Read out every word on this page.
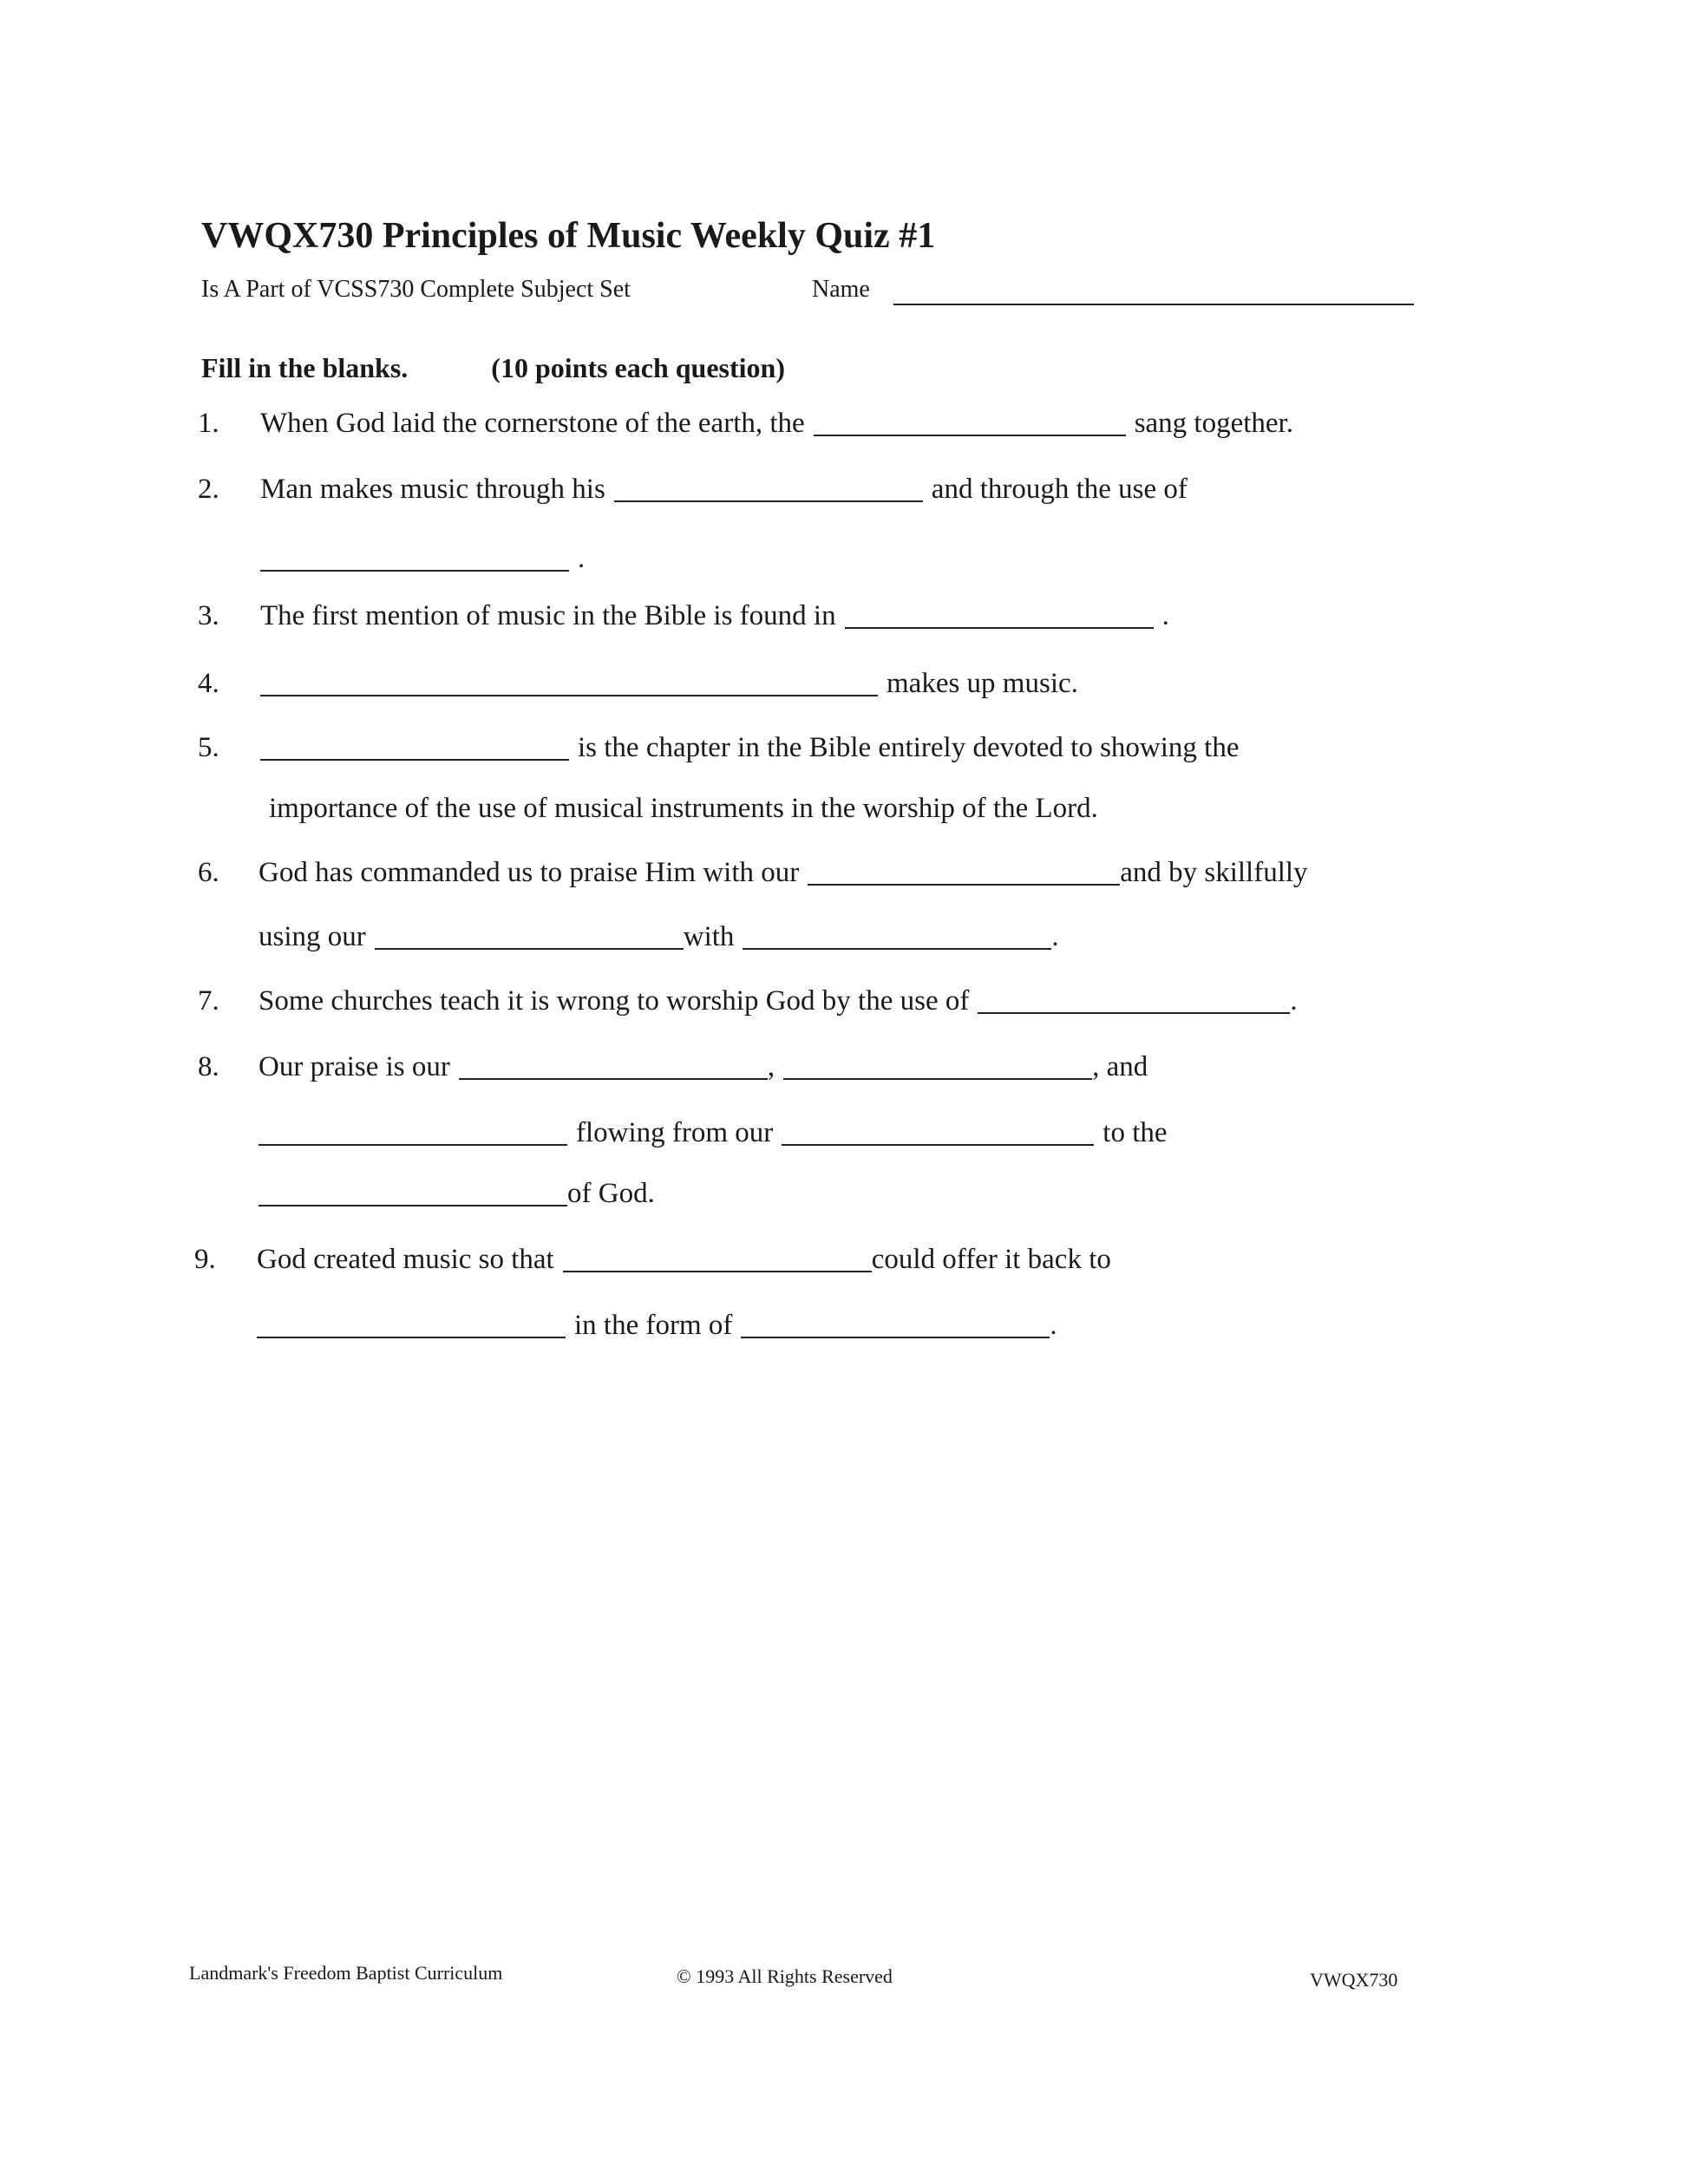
VWQX730 Principles of Music Weekly Quiz #1
Is A Part of VCSS730 Complete Subject Set	Name
Fill in the blanks.	(10 points each question)
1. When God laid the cornerstone of the earth, the	sang together.
2. Man makes music through his	and through the use of
.
3. The first mention of music in the Bible is found in	.
4.	makes up music.
5.	is the chapter in the Bible entirely devoted to showing the
importance of the use of musical instruments in the worship of the Lord.
6. God has commanded us to praise Him with our	and by skillfully
using our	with	.
7. Some churches teach it is wrong to worship God by the use of	.
8. Our praise is our	,	, and
flowing from our	to the
of God.
9. God created music so that	could offer it back to
in the form of	.
Landmark's Freedom Baptist Curriculum	© 1993 All Rights Reserved	VWQX730
